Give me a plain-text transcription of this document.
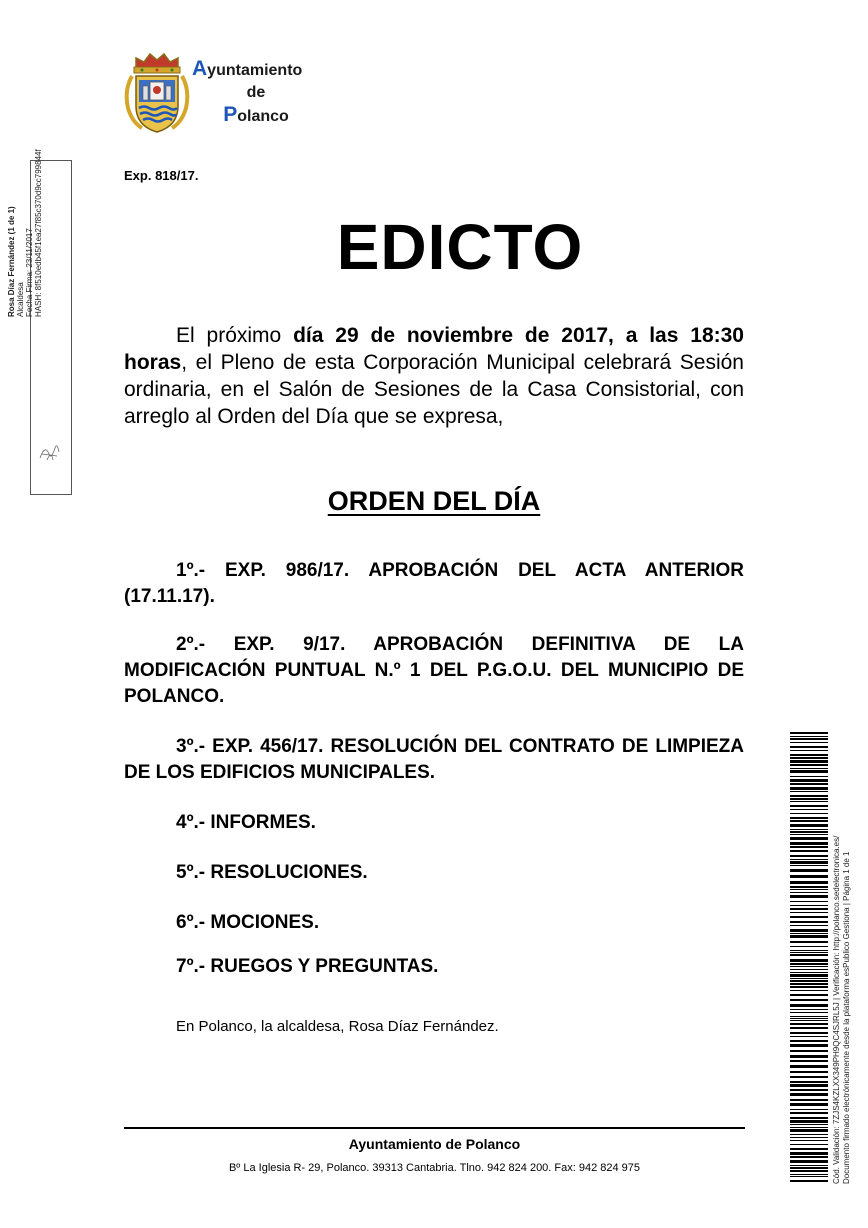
Ayuntamiento
de
Polanco
Rosa Díaz Fernández (1 de 1) Alcaldesa Fecha Firma: 23/11/2017 HASH: 8f510edb45f1ea27f85c370d9cc799844f	Exp. 818/17.
EDICTO
El próximo día 29 de noviembre de 2017, a las 18:30 horas, el Pleno de esta Corporación Municipal celebrará Sesión ordinaria, en el Salón de Sesiones de la Casa Consistorial, con arreglo al Orden del Día que se expresa,
ORDEN DEL DÍA
1º.- EXP. 986/17. APROBACIÓN DEL ACTA ANTERIOR (17.11.17).
2º.- EXP. 9/17. APROBACIÓN DEFINITIVA DE LA MODIFICACIÓN PUNTUAL N.º 1 DEL P.G.O.U. DEL MUNICIPIO DE POLANCO.
3º.- EXP. 456/17. RESOLUCIÓN DEL CONTRATO DE LIMPIEZA DE LOS EDIFICIOS MUNICIPALES.
4º.- INFORMES.
5º.- RESOLUCIONES.
6º.- MOCIONES.
7º.- RUEGOS Y PREGUNTAS.
En Polanco, la alcaldesa, Rosa Díaz Fernández.
Ayuntamiento de Polanco
Bº La Iglesia R- 29, Polanco. 39313 Cantabria. Tlno. 942 824 200. Fax: 942 824 975	Cód. Validación: 7ZJS4KZLXX349PH9QC4SJRL5J | Verificación: http://polanco.sedelectronica.es/ Documento firmado electrónicamente desde la plataforma esPublico Gestiona | Página 1 de 1
